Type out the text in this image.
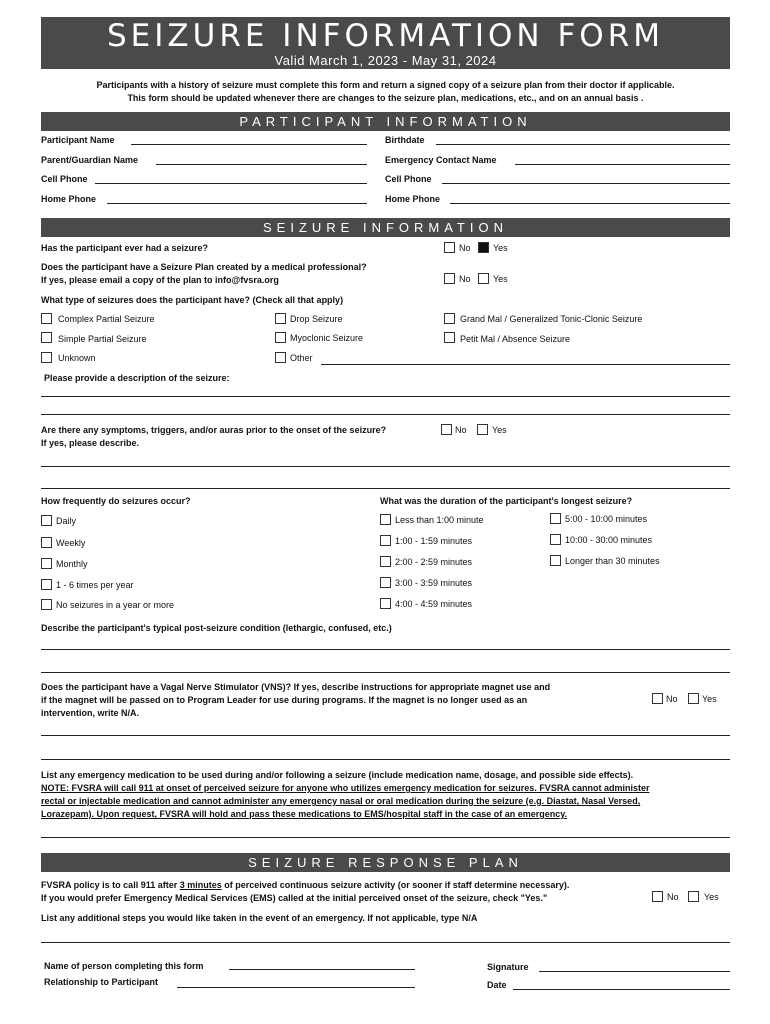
SEIZURE INFORMATION FORM
Valid March 1, 2023 - May 31, 2024
Participants with a history of seizure must complete this form and return a signed copy of a seizure plan from their doctor if applicable.
This form should be updated whenever there are changes to the seizure plan, medications, etc., and on an annual basis .
PARTICIPANT INFORMATION
Participant Name	Birthdate
Parent/Guardian Name	Emergency Contact Name
Cell Phone	Cell Phone
Home Phone	Home Phone
SEIZURE INFORMATION
Has the participant ever had a seizure?	No Yes
Does the participant have a Seizure Plan created by a medical professional?
If yes, please email a copy of the plan to info@fvsra.org	No Yes
What type of seizures does the participant have? (Check all that apply)
Complex Partial Seizure	Drop Seizure	Grand Mal / Generalized Tonic-Clonic Seizure
Simple Partial Seizure	Myoclonic Seizure	Petit Mal / Absence Seizure
Unknown	Other
Please provide a description of the seizure:
Are there any symptoms, triggers, and/or auras prior to the onset of the seizure?
If yes, please describe.
No	Yes
How frequently do seizures occur?
Daily
Weekly
Monthly
1 - 6 times per year
No seizures in a year or more
What was the duration of the participant's longest seizure?
Less than 1:00 minute
1:00 - 1:59 minutes
2:00 - 2:59 minutes
3:00 - 3:59 minutes
4:00 - 4:59 minutes
5:00 - 10:00 minutes
10:00 - 30:00 minutes
Longer than 30 minutes
Describe the participant's typical post-seizure condition (lethargic, confused, etc.)
Does the participant have a Vagal Nerve Stimulator (VNS)? If yes, describe instructions for appropriate magnet use and
if the magnet will be passed on to Program Leader for use during programs. If the magnet is no longer used as an
intervention, write N/A.
No	Yes
List any emergency medication to be used during and/or following a seizure (include medication name, dosage, and possible side effects).
NOTE: FVSRA will call 911 at onset of perceived seizure for anyone who utilizes emergency medication for seizures. FVSRA cannot administer
rectal or injectable medication and cannot administer any emergency nasal or oral medication during the seizure (e.g. Diastat, Nasal Versed,
Lorazepam). Upon request, FVSRA will hold and pass these medications to EMS/hospital staff in the case of an emergency.
SEIZURE RESPONSE PLAN
FVSRA policy is to call 911 after 3 minutes of perceived continuous seizure activity (or sooner if staff determine necessary).
If you would prefer Emergency Medical Services (EMS) called at the initial perceived onset of the seizure, check "Yes."	No	Yes
List any additional steps you would like taken in the event of an emergency. If not applicable, type N/A
Name of person completing this form
Relationship to Participant
Signature
Date
